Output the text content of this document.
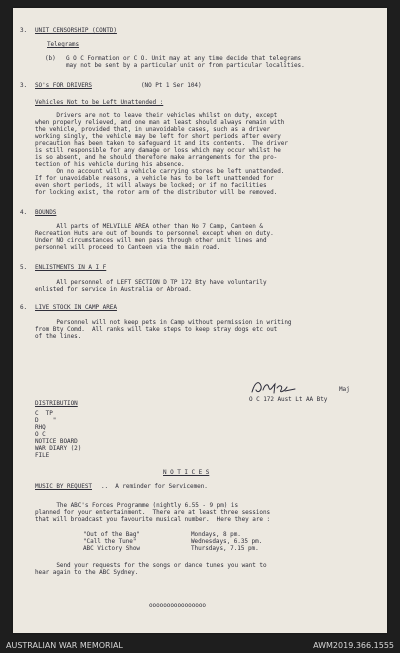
3. UNIT CENSORSHIP (CONTD)
Telegrams
(b) G O C Formation or C O. Unit may at any time decide that telegrams
may not be sent by a particular unit or from particular localities.
3. SO's FOR DRIVERS	(NO Pt 1 Ser 104)
Vehicles Not to be Left Unattended :
Drivers are not to leave their vehicles whilst on duty, except
when properly relieved, and one man at least should always remain with
the vehicle, provided that, in unavoidable cases, such as a driver
working singly, the vehicle may be left for short periods after every
precaution has been taken to safeguard it and its contents.  The driver
is still responsible for any damage or loss which may occur whilst he
is so absent, and he should therefore make arrangements for the pro-
tection of his vehicle during his absence.
On no account will a vehicle carrying stores be left unattended.
If for unavoidable reasons, a vehicle has to be left unattended for
even short periods, it will always be locked; or if no facilities
for locking exist, the rotor arm of the distributor will be removed.
4. BOUNDS
All parts of MELVILLE AREA other than No 7 Camp, Canteen &
Recreation Huts are out of bounds to personnel except when on duty.
Under NO circumstances will men pass through other unit lines and
personnel will proceed to Canteen via the main road.
5. ENLISTMENTS IN A I F
All personnel of LEFT SECTION D TP 172 Bty have voluntarily
enlisted for service in Australia or Abroad.
6. LIVE STOCK IN CAMP AREA
Personnel will not keep pets in Camp without permission in writing
from Bty Comd.  All ranks will take steps to keep stray dogs etc out
of the lines.
Maj
O C 172 Aust Lt AA Bty
DISTRIBUTION
C  TP
D    "
RHQ
O C
NOTICE BOARD
WAR DIARY (2)
FILE
N O T I C E S
MUSIC BY REQUEST ..  A reminder for Servicemen.
The ABC's Forces Programme (nightly 6.55 - 9 pm) is
planned for your entertainment.  There are at least three sessions
that will broadcast you favourite musical number.  Here they are :
"Out of the Bag"	Mondays, 8 pm.
"Call the Tune"	Wednesdays, 6.35 pm.
ABC Victory Show	Thursdays, 7.15 pm.
Send your requests for the songs or dance tunes you want to
hear again to the ABC Sydney.
oooooooooooooooo
AUSTRALIAN WAR MEMORIAL	AWM2019.366.1555
